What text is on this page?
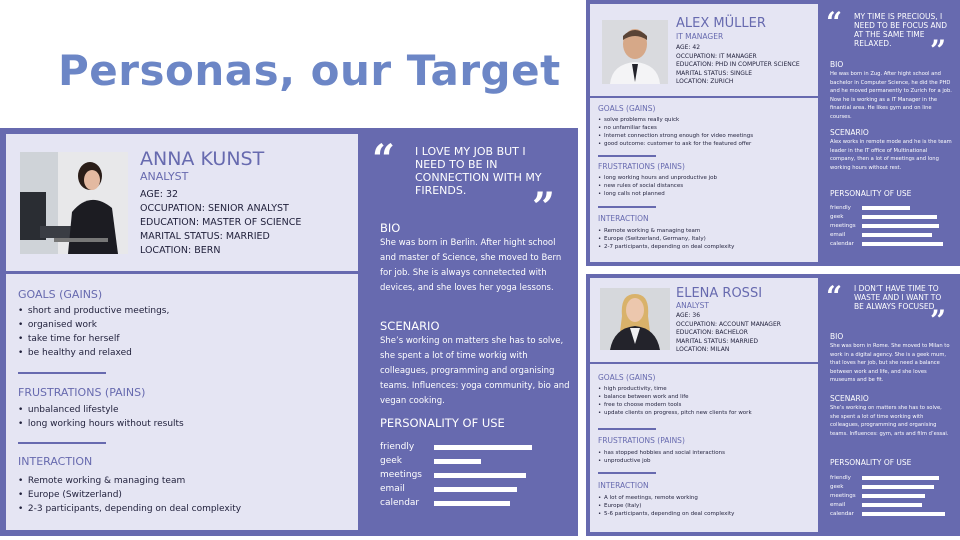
Personas, our Target
ANNA KUNST
ANALYST
AGE: 32
OCCUPATION: SENIOR ANALYST
EDUCATION: MASTER OF SCIENCE
MARITAL STATUS: MARRIED
LOCATION: BERN
GOALS (GAINS)
• short and productive meetings,
• organised work
• take time for herself
• be healthy and relaxed
FRUSTRATIONS (PAINS)
• unbalanced lifestyle
• long working hours without results
INTERACTION
• Remote working & managing team
• Europe (Switzerland)
• 2-3 participants, depending on deal complexity
“ I LOVE MY JOB BUT I NEED TO BE IN CONNECTION WITH MY FIRENDS.	”
BIO
She was born in Berlin. After hight school and master of Science, she moved to Bern for job. She is always connetected with devices, and she loves her yoga lessons.
SCENARIO
She’s working on matters she has to solve, she spent a lot of time workig with colleagues, programming and organising teams. Influences: yoga community, bio and vegan cooking.
PERSONALITY OF USE
friendly
geek
meetings
email
calendar
ALEX MÜLLER
IT MANAGER
AGE: 42
OCCUPATION: IT MANAGER
EDUCATION: PHD IN COMPUTER SCIENCE
MARITAL STATUS: SINGLE
LOCATION: ZURICH
GOALS (GAINS)
• solve problems really quick
• no unfamiliar faces
• Internet connection strong enough for video meetings
• good outcome: customer to ask for the featured offer
FRUSTRATIONS (PAINS)
• long working hours and unproductive job
• new rules of social distances
• long calls not planned
INTERACTION
• Remote working & managing team
• Europe (Switzerland, Germany, Italy)
• 2-7 participants, depending on deal complexity
“ MY TIME IS PRECIOUS, I NEED TO BE FOCUS AND AT THE SAME TIME RELAXED.	”
BIO
He was born in Zug. After hight school and bachelor in Computer Science, he did the PHD and he moved permanently to Zurich for a job. Now he is working as a IT Manager in the finantial area. He likes gym and on line courses.
SCENARIO
Alex works in remote mode and he is the team leader in the IT office of Multinational company, then a lot of meetings and long working hours without rest.
PERSONALITY OF USE
friendly
geek
meetings
email
calendar
ELENA ROSSI
ANALYST
AGE: 36
OCCUPATION: ACCOUNT MANAGER
EDUCATION: BACHELOR
MARITAL STATUS: MARRIED
LOCATION: MILAN
GOALS (GAINS)
• high productivity, time
• balance between work and life
• free to choose modern tools
• update clients on progress, pitch new clients for work
FRUSTRATIONS (PAINS)
• has stopped hobbies and social interactions
• unproductive job
INTERACTION
• A lot of meetings, remote working
• Europe (Italy)
• 5-6 participants, depending on deal complexity
“ I DON’T HAVE TIME TO WASTE AND I WANT TO BE ALWAYS FOCUSED
”
BIO
She was born in Rome. She moved to Milan to work in a digital agency. She is a geek mum, that loves her job, but she need a balance between work and life, and she loves museums and be fit.
SCENARIO
She’s working on matters she has to solve, she spent a lot of time working with colleagues, programming and organising teams. Influences: gym, arts and film d’essai.
PERSONALITY OF USE
friendly
geek
meetings
email
calendar
